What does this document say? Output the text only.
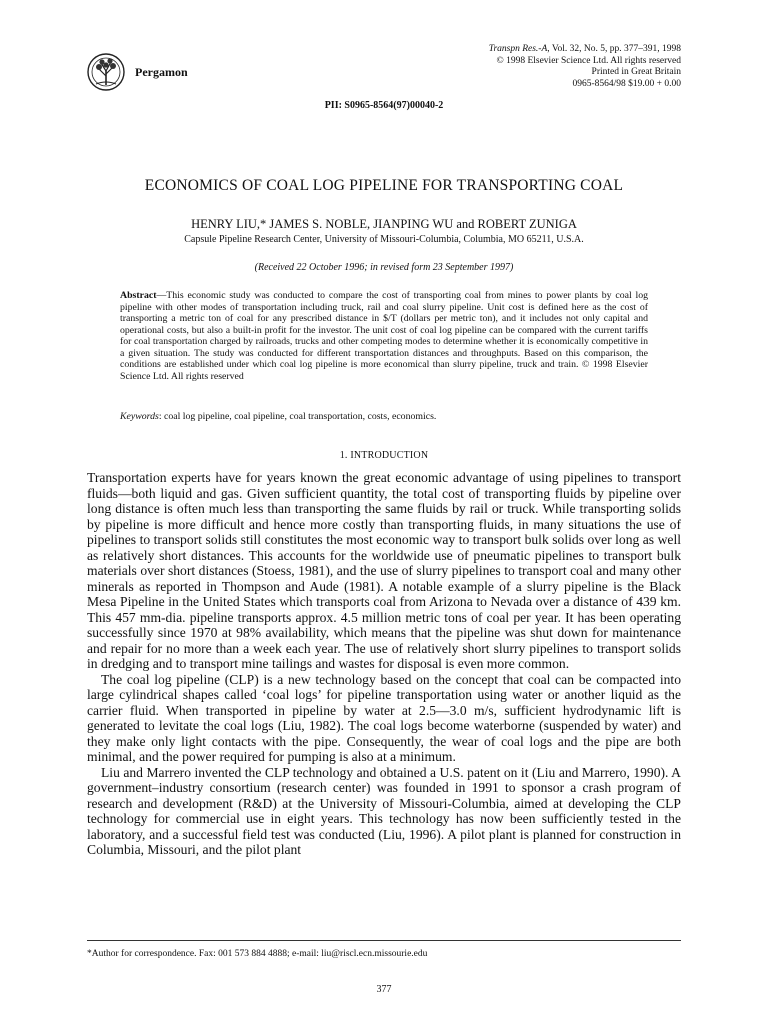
Pergamon
Transpn Res.-A, Vol. 32, No. 5, pp. 377–391, 1998
© 1998 Elsevier Science Ltd. All rights reserved
Printed in Great Britain
0965-8564/98 $19.00 + 0.00
PII: S0965-8564(97)00040-2
ECONOMICS OF COAL LOG PIPELINE FOR TRANSPORTING COAL
HENRY LIU,* JAMES S. NOBLE, JIANPING WU and ROBERT ZUNIGA
Capsule Pipeline Research Center, University of Missouri-Columbia, Columbia, MO 65211, U.S.A.
(Received 22 October 1996; in revised form 23 September 1997)
Abstract—This economic study was conducted to compare the cost of transporting coal from mines to power plants by coal log pipeline with other modes of transportation including truck, rail and coal slurry pipeline. Unit cost is defined here as the cost of transporting a metric ton of coal for any prescribed distance in $/T (dollars per metric ton), and it includes not only capital and operational costs, but also a built-in profit for the investor. The unit cost of coal log pipeline can be compared with the current tariffs for coal transportation charged by railroads, trucks and other competing modes to determine whether it is economically competitive in a given situation. The study was conducted for different transportation distances and throughputs. Based on this comparison, the conditions are established under which coal log pipeline is more economical than slurry pipeline, truck and train. © 1998 Elsevier Science Ltd. All rights reserved
Keywords: coal log pipeline, coal pipeline, coal transportation, costs, economics.
1. INTRODUCTION

Transportation experts have for years known the great economic advantage of using pipelines to transport fluids—both liquid and gas. Given sufficient quantity, the total cost of transporting fluids by pipeline over long distance is often much less than transporting the same fluids by rail or truck. While transporting solids by pipeline is more difficult and hence more costly than transporting fluids, in many situations the use of pipelines to transport solids still constitutes the most economic way to transport bulk solids over long as well as relatively short distances. This accounts for the worldwide use of pneumatic pipelines to transport bulk materials over short distances (Stoess, 1981), and the use of slurry pipelines to transport coal and many other minerals as reported in Thompson and Aude (1981). A notable example of a slurry pipeline is the Black Mesa Pipeline in the United States which transports coal from Arizona to Nevada over a distance of 439 km. This 457 mm-dia. pipeline transports approx. 4.5 million metric tons of coal per year. It has been operating successfully since 1970 at 98% availability, which means that the pipeline was shut down for maintenance and repair for no more than a week each year. The use of relatively short slurry pipelines to transport solids in dredging and to transport mine tailings and wastes for disposal is even more common.

The coal log pipeline (CLP) is a new technology based on the concept that coal can be compacted into large cylindrical shapes called ‘coal logs’ for pipeline transportation using water or another liquid as the carrier fluid. When transported in pipeline by water at 2.5—3.0 m/s, sufficient hydrodynamic lift is generated to levitate the coal logs (Liu, 1982). The coal logs become waterborne (suspended by water) and they make only light contacts with the pipe. Consequently, the wear of coal logs and the pipe are both minimal, and the power required for pumping is also at a minimum.

Liu and Marrero invented the CLP technology and obtained a U.S. patent on it (Liu and Marrero, 1990). A government–industry consortium (research center) was founded in 1991 to sponsor a crash program of research and development (R&D) at the University of Missouri-Columbia, aimed at developing the CLP technology for commercial use in eight years. This technology has now been sufficiently tested in the laboratory, and a successful field test was conducted (Liu, 1996). A pilot plant is planned for construction in Columbia, Missouri, and the pilot plant

*Author for correspondence. Fax: 001 573 884 4888; e-mail: liu@riscl.ecn.missourie.edu
377
